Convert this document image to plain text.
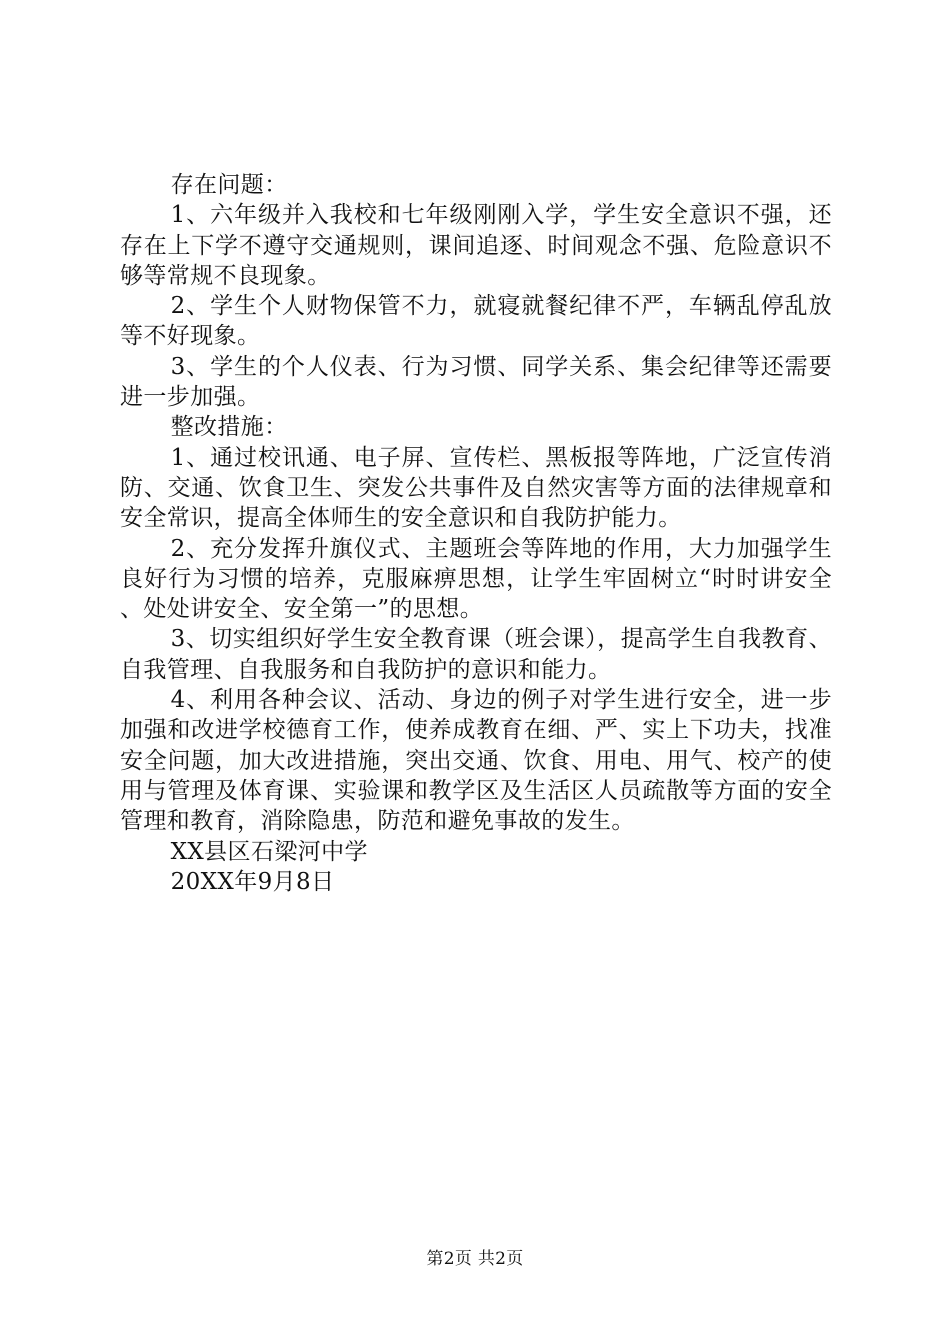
存在问题：

1、六年级并入我校和七年级刚刚入学，学生安全意识不强，还存在上下学不遵守交通规则，课间追逐、时间观念不强、危险意识不够等常规不良现象。

2、学生个人财物保管不力，就寝就餐纪律不严，车辆乱停乱放等不好现象。

3、学生的个人仪表、行为习惯、同学关系、集会纪律等还需要进一步加强。

整改措施：

1、通过校讯通、电子屏、宣传栏、黑板报等阵地，广泛宣传消防、交通、饮食卫生、突发公共事件及自然灾害等方面的法律规章和安全常识，提高全体师生的安全意识和自我防护能力。

2、充分发挥升旗仪式、主题班会等阵地的作用，大力加强学生良好行为习惯的培养，克服麻痹思想，让学生牢固树立“时时讲安全、处处讲安全、安全第一”的思想。

3、切实组织好学生安全教育课（班会课），提高学生自我教育、自我管理、自我服务和自我防护的意识和能力。

4、利用各种会议、活动、身边的例子对学生进行安全，进一步加强和改进学校德育工作，使养成教育在细、严、实上下功夫，找准安全问题，加大改进措施，突出交通、饮食、用电、用气、校产的使用与管理及体育课、实验课和教学区及生活区人员疏散等方面的安全管理和教育，消除隐患，防范和避免事故的发生。

XX县区石梁河中学

20XX年9月8日

第2页 共2页
